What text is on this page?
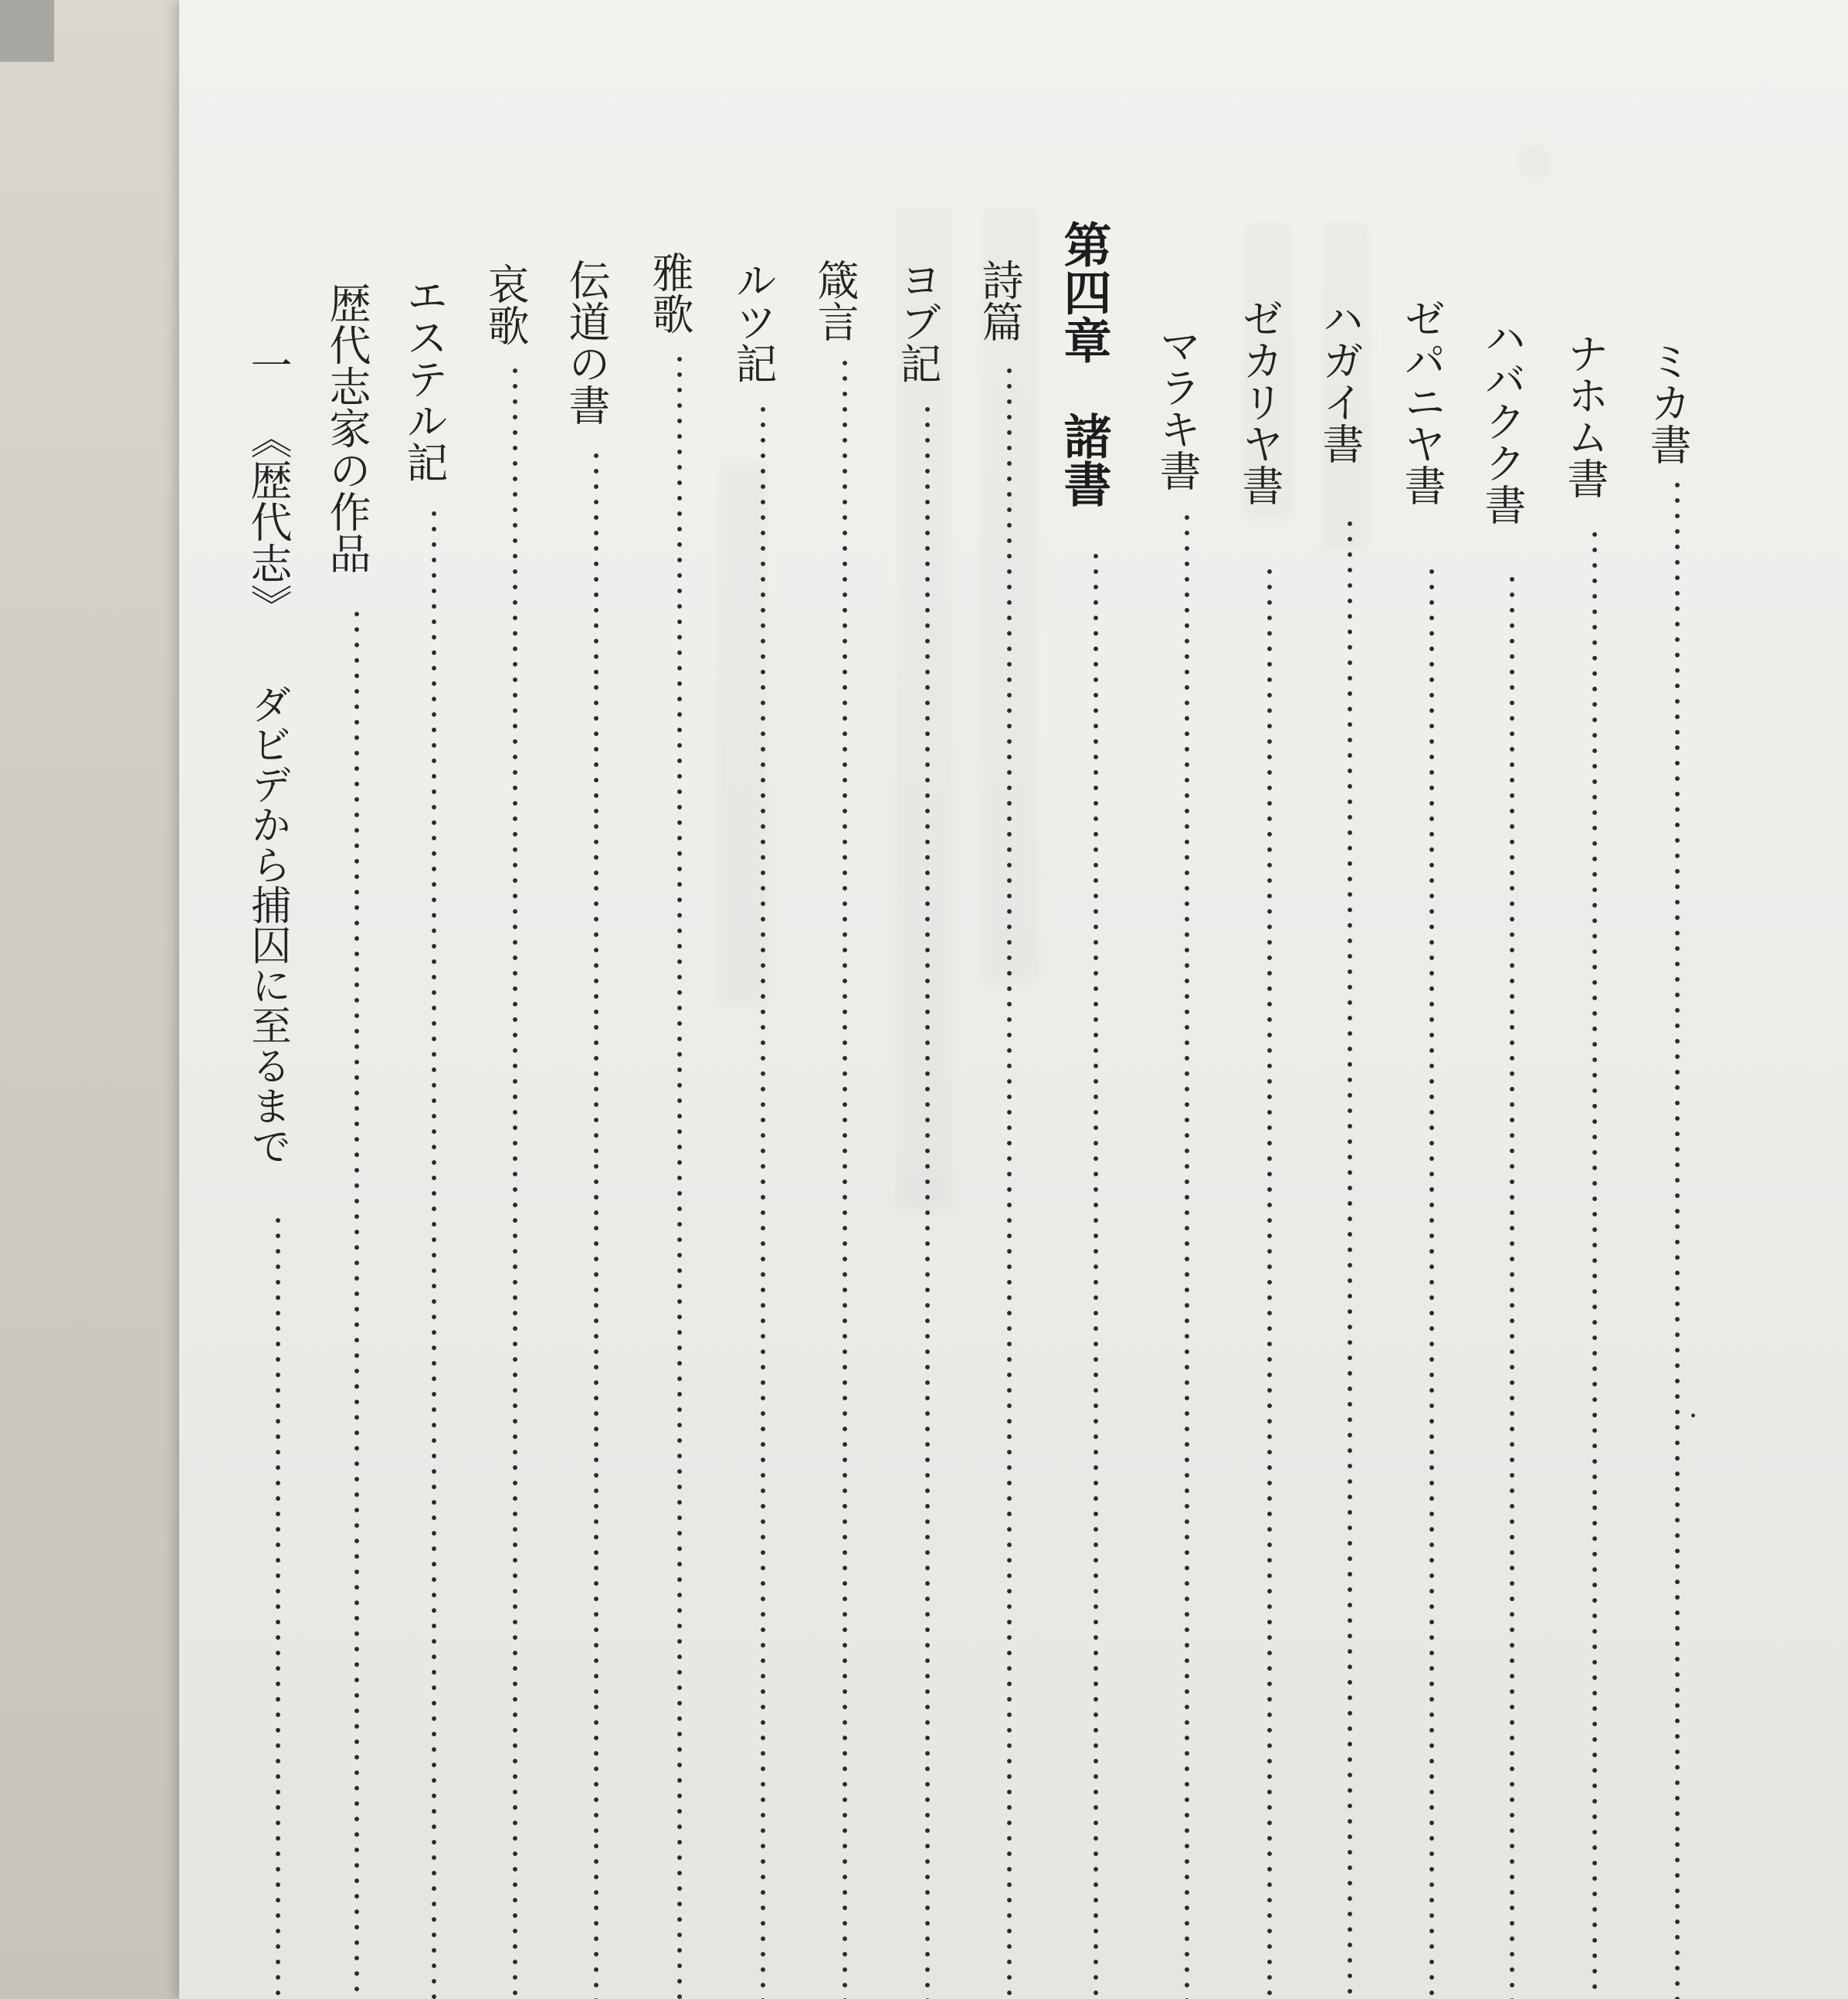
ミカ書
ナホム書
ハバクク書
ゼパニヤ書
ハガイ書
ゼカリヤ書
マラキ書
第四章　諸書
詩篇
ヨブ記
箴言
ルツ記
雅歌
伝道の書
哀歌
エステル記
歴代志家の作品
一
《歴代志》
ダビデから捕囚に至るまで
